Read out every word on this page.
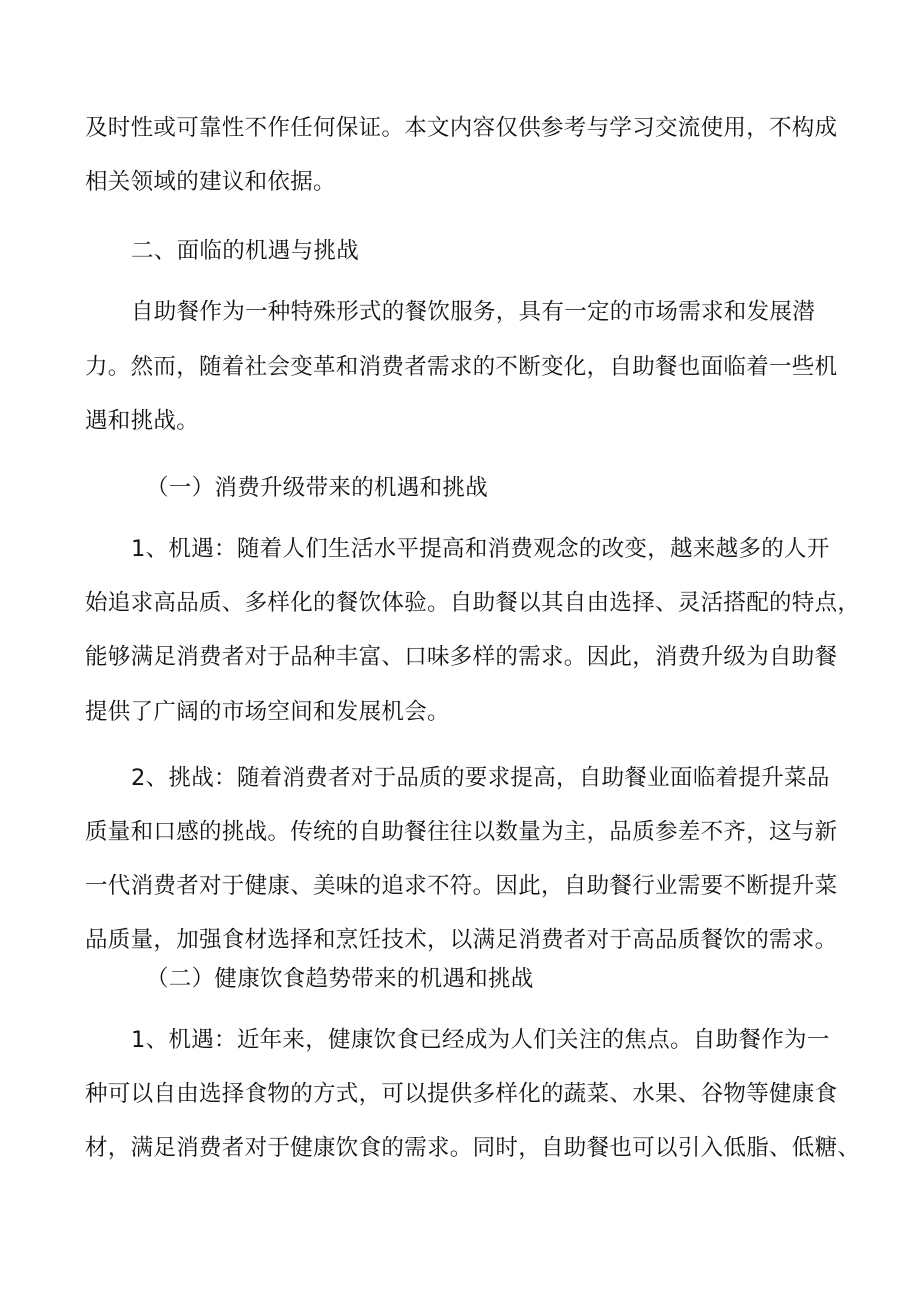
及时性或可靠性不作任何保证。本文内容仅供参考与学习交流使用，不构成
相关领域的建议和依据。
二、面临的机遇与挑战
自助餐作为一种特殊形式的餐饮服务，具有一定的市场需求和发展潜
力。然而，随着社会变革和消费者需求的不断变化，自助餐也面临着一些机
遇和挑战。
（一）消费升级带来的机遇和挑战
1、机遇：随着人们生活水平提高和消费观念的改变，越来越多的人开
始追求高品质、多样化的餐饮体验。自助餐以其自由选择、灵活搭配的特点，
能够满足消费者对于品种丰富、口味多样的需求。因此，消费升级为自助餐
提供了广阔的市场空间和发展机会。
2、挑战：随着消费者对于品质的要求提高，自助餐业面临着提升菜品
质量和口感的挑战。传统的自助餐往往以数量为主，品质参差不齐，这与新
一代消费者对于健康、美味的追求不符。因此，自助餐行业需要不断提升菜
品质量，加强食材选择和烹饪技术，以满足消费者对于高品质餐饮的需求。
（二）健康饮食趋势带来的机遇和挑战
1、机遇：近年来，健康饮食已经成为人们关注的焦点。自助餐作为一
种可以自由选择食物的方式，可以提供多样化的蔬菜、水果、谷物等健康食
材，满足消费者对于健康饮食的需求。同时，自助餐也可以引入低脂、低糖、
